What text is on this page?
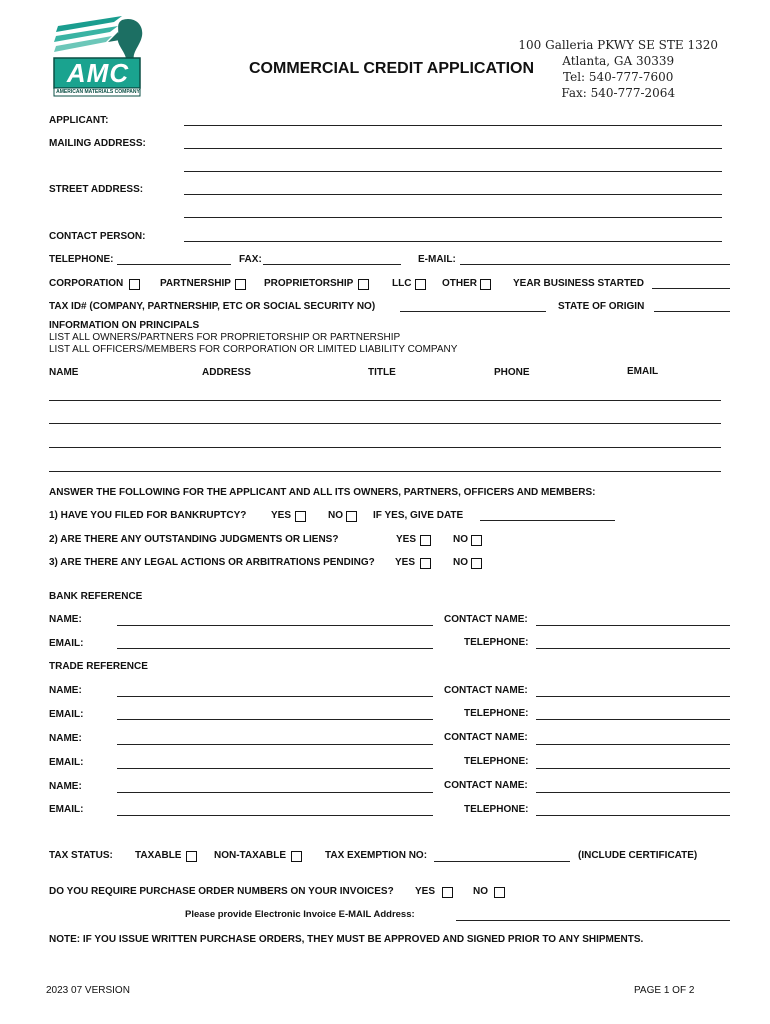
AMC
AMERICAN MATERIALS COMPANY
COMMERCIAL CREDIT APPLICATION
100 Galleria PKWY SE STE 1320
Atlanta, GA 30339
Tel: 540-777-7600
Fax: 540-777-2064
APPLICANT:
MAILING ADDRESS:
STREET ADDRESS:
CONTACT PERSON:
TELEPHONE:	FAX:	E-MAIL:
CORPORATION	PARTNERSHIP	PROPRIETORSHIP	LLC	OTHER	YEAR BUSINESS STARTED
TAX ID# (COMPANY, PARTNERSHIP, ETC OR SOCIAL SECURITY NO)	STATE OF ORIGIN
INFORMATION ON PRINCIPALS
LIST ALL OWNERS/PARTNERS FOR PROPRIETORSHIP OR PARTNERSHIP
LIST ALL OFFICERS/MEMBERS FOR CORPORATION OR LIMITED LIABILITY COMPANY
NAME	ADDRESS	TITLE	PHONE	EMAIL
ANSWER THE FOLLOWING FOR THE APPLICANT AND ALL ITS OWNERS, PARTNERS, OFFICERS AND MEMBERS:
1) HAVE YOU FILED FOR BANKRUPTCY? YES	NO	IF YES, GIVE DATE
2) ARE THERE ANY OUTSTANDING JUDGMENTS OR LIENS?	YES	NO
3) ARE THERE ANY LEGAL ACTIONS OR ARBITRATIONS PENDING? YES	NO
BANK REFERENCE
NAME:	CONTACT NAME:
EMAIL:	TELEPHONE:
TRADE REFERENCE
NAME:	CONTACT NAME:
EMAIL:	TELEPHONE:
NAME:	CONTACT NAME:
EMAIL:	TELEPHONE:
NAME:	CONTACT NAME:
EMAIL:	TELEPHONE:
TAX STATUS: TAXABLE	NON-TAXABLE	TAX EXEMPTION NO:	(INCLUDE CERTIFICATE)
DO YOU REQUIRE PURCHASE ORDER NUMBERS ON YOUR INVOICES? YES	NO
Please provide Electronic Invoice E-MAIL Address:
NOTE: IF YOU ISSUE WRITTEN PURCHASE ORDERS, THEY MUST BE APPROVED AND SIGNED PRIOR TO ANY SHIPMENTS.
2023 07 VERSION	PAGE 1 OF 2
